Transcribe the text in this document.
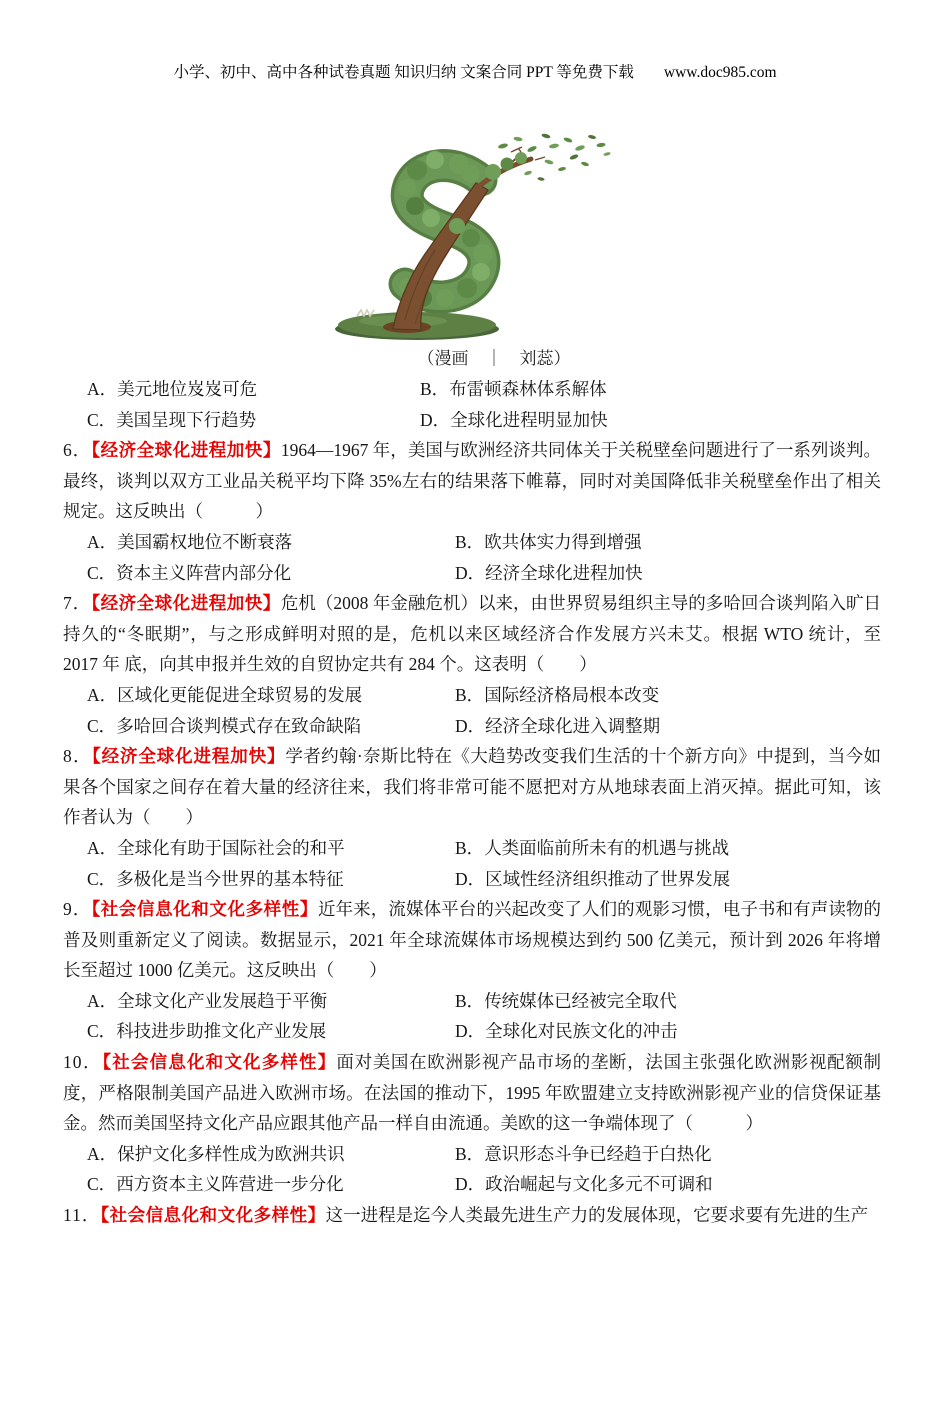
小学、初中、高中各种试卷真题 知识归纳 文案合同 PPT 等免费下载 www.doc985.com
（漫画　｜　刘蕊）
A．美元地位岌岌可危	B．布雷顿森林体系解体
C．美国呈现下行趋势	D．全球化进程明显加快

6．【经济全球化进程加快】1964—1967 年，美国与欧洲经济共同体关于关税壁垒问题进行了一系列谈判。最终，谈判以双方工业品关税平均下降 35%左右的结果落下帷幕，同时对美国降低非关税壁垒作出了相关规定。这反映出（　　　）

A．美国霸权地位不断衰落	B．欧共体实力得到增强
C．资本主义阵营内部分化	D．经济全球化进程加快

7．【经济全球化进程加快】危机（2008 年金融危机）以来，由世界贸易组织主导的多哈回合谈判陷入旷日持久的“冬眠期”，与之形成鲜明对照的是，危机以来区域经济合作发展方兴未艾。根据 WTO 统计，至 2017 年 底，向其申报并生效的自贸协定共有 284 个。这表明（　　）

A．区域化更能促进全球贸易的发展	B．国际经济格局根本改变
C．多哈回合谈判模式存在致命缺陷	D．经济全球化进入调整期

8．【经济全球化进程加快】学者约翰·奈斯比特在《大趋势改变我们生活的十个新方向》中提到，当今如果各个国家之间存在着大量的经济往来，我们将非常可能不愿把对方从地球表面上消灭掉。据此可知，该作者认为（　　）

A．全球化有助于国际社会的和平	B．人类面临前所未有的机遇与挑战
C．多极化是当今世界的基本特征	D．区域性经济组织推动了世界发展

9．【社会信息化和文化多样性】近年来，流媒体平台的兴起改变了人们的观影习惯，电子书和有声读物的普及则重新定义了阅读。数据显示，2021 年全球流媒体市场规模达到约 500 亿美元，预计到 2026 年将增长至超过 1000 亿美元。这反映出（　　）

A．全球文化产业发展趋于平衡	B．传统媒体已经被完全取代
C．科技进步助推文化产业发展	D．全球化对民族文化的冲击

10．【社会信息化和文化多样性】面对美国在欧洲影视产品市场的垄断，法国主张强化欧洲影视配额制度，严格限制美国产品进入欧洲市场。在法国的推动下，1995 年欧盟建立支持欧洲影视产业的信贷保证基金。然而美国坚持文化产品应跟其他产品一样自由流通。美欧的这一争端体现了（　　　）

A．保护文化多样性成为欧洲共识	B．意识形态斗争已经趋于白热化
C．西方资本主义阵营进一步分化	D．政治崛起与文化多元不可调和

11．【社会信息化和文化多样性】这一进程是迄今人类最先进生产力的发展体现，它要求要有先进的生产
